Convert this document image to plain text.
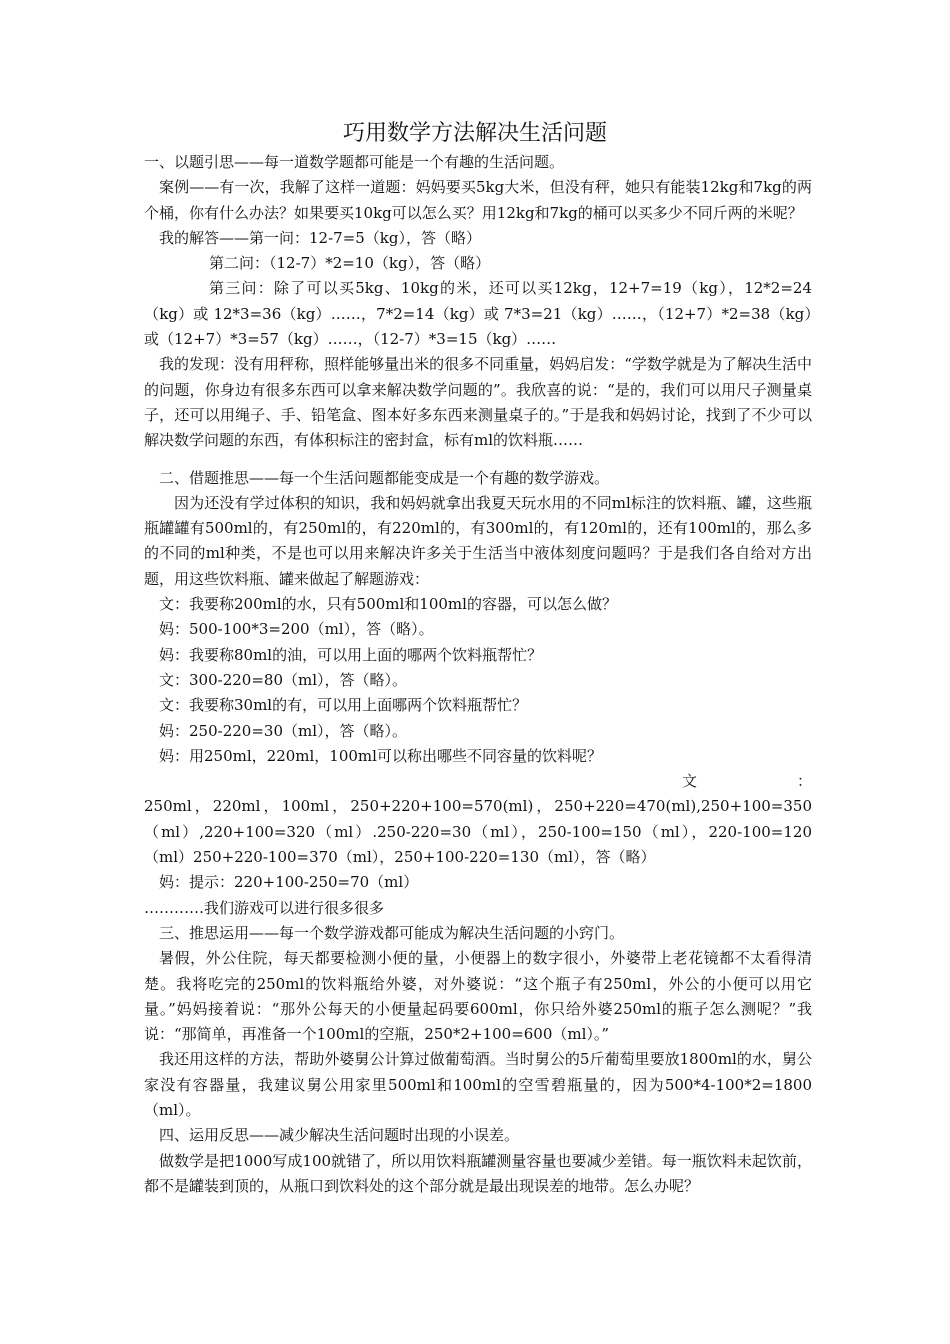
巧用数学方法解决生活问题

一、以题引思——每一道数学题都可能是一个有趣的生活问题。

案例——有一次，我解了这样一道题：妈妈要买5kg大米，但没有秤，她只有能装12kg和7kg的两个桶，你有什么办法？如果要买10kg可以怎么买？用12kg和7kg的桶可以买多少不同斤两的米呢？

我的解答——第一问：12-7=5（kg），答（略）

第二问：（12-7）*2=10（kg），答（略）

第三问：除了可以买5kg、10kg的米，还可以买12kg，12+7=19（kg），12*2=24（kg）或 12*3=36（kg）……，7*2=14（kg）或 7*3=21（kg）……，（12+7）*2=38（kg）或（12+7）*3=57（kg）……，（12-7）*3=15（kg）……

我的发现：没有用秤称，照样能够量出米的很多不同重量，妈妈启发：“学数学就是为了解决生活中的问题，你身边有很多东西可以拿来解决数学问题的”。我欣喜的说：“是的，我们可以用尺子测量桌子，还可以用绳子、手、铅笔盒、图本好多东西来测量桌子的。”于是我和妈妈讨论，找到了不少可以解决数学问题的东西，有体积标注的密封盒，标有ml的饮料瓶……

二、借题推思——每一个生活问题都能变成是一个有趣的数学游戏。

因为还没有学过体积的知识，我和妈妈就拿出我夏天玩水用的不同ml标注的饮料瓶、罐，这些瓶瓶罐罐有500ml的，有250ml的，有220ml的，有300ml的，有120ml的，还有100ml的，那么多的不同的ml种类，不是也可以用来解决许多关于生活当中液体刻度问题吗？于是我们各自给对方出题，用这些饮料瓶、罐来做起了解题游戏：

文：我要称200ml的水，只有500ml和100ml的容器，可以怎么做？

妈：500-100*3=200（ml），答（略）。

妈：我要称80ml的油，可以用上面的哪两个饮料瓶帮忙？

文：300-220=80（ml），答（略）。

文：我要称30ml的有，可以用上面哪两个饮料瓶帮忙？

妈：250-220=30（ml），答（略）。

妈：用250ml，220ml，100ml可以称出哪些不同容量的饮料呢？

文	：

250ml，220ml，100ml，250+220+100=570(ml)，250+220=470(ml),250+100=350（ml）,220+100=320（ml）.250-220=30（ml），250-100=150（ml），220-100=120（ml）250+220-100=370（ml），250+100-220=130（ml），答（略）

妈：提示：220+100-250=70（ml）

…………我们游戏可以进行很多很多

三、推思运用——每一个数学游戏都可能成为解决生活问题的小窍门。

暑假，外公住院，每天都要检测小便的量，小便器上的数字很小，外婆带上老花镜都不太看得清楚。我将吃完的250ml的饮料瓶给外婆，对外婆说：“这个瓶子有250ml，外公的小便可以用它量。”妈妈接着说：“那外公每天的小便量起码要600ml，你只给外婆250ml的瓶子怎么测呢？”我说：“那简单，再准备一个100ml的空瓶，250*2+100=600（ml）。”

我还用这样的方法，帮助外婆舅公计算过做葡萄酒。当时舅公的5斤葡萄里要放1800ml的水，舅公家没有容器量，我建议舅公用家里500ml和100ml的空雪碧瓶量的，因为500*4-100*2=1800（ml）。

四、运用反思——减少解决生活问题时出现的小误差。

做数学是把1000写成100就错了，所以用饮料瓶罐测量容量也要减少差错。每一瓶饮料未起饮前，都不是罐装到顶的，从瓶口到饮料处的这个部分就是最出现误差的地带。怎么办呢？
